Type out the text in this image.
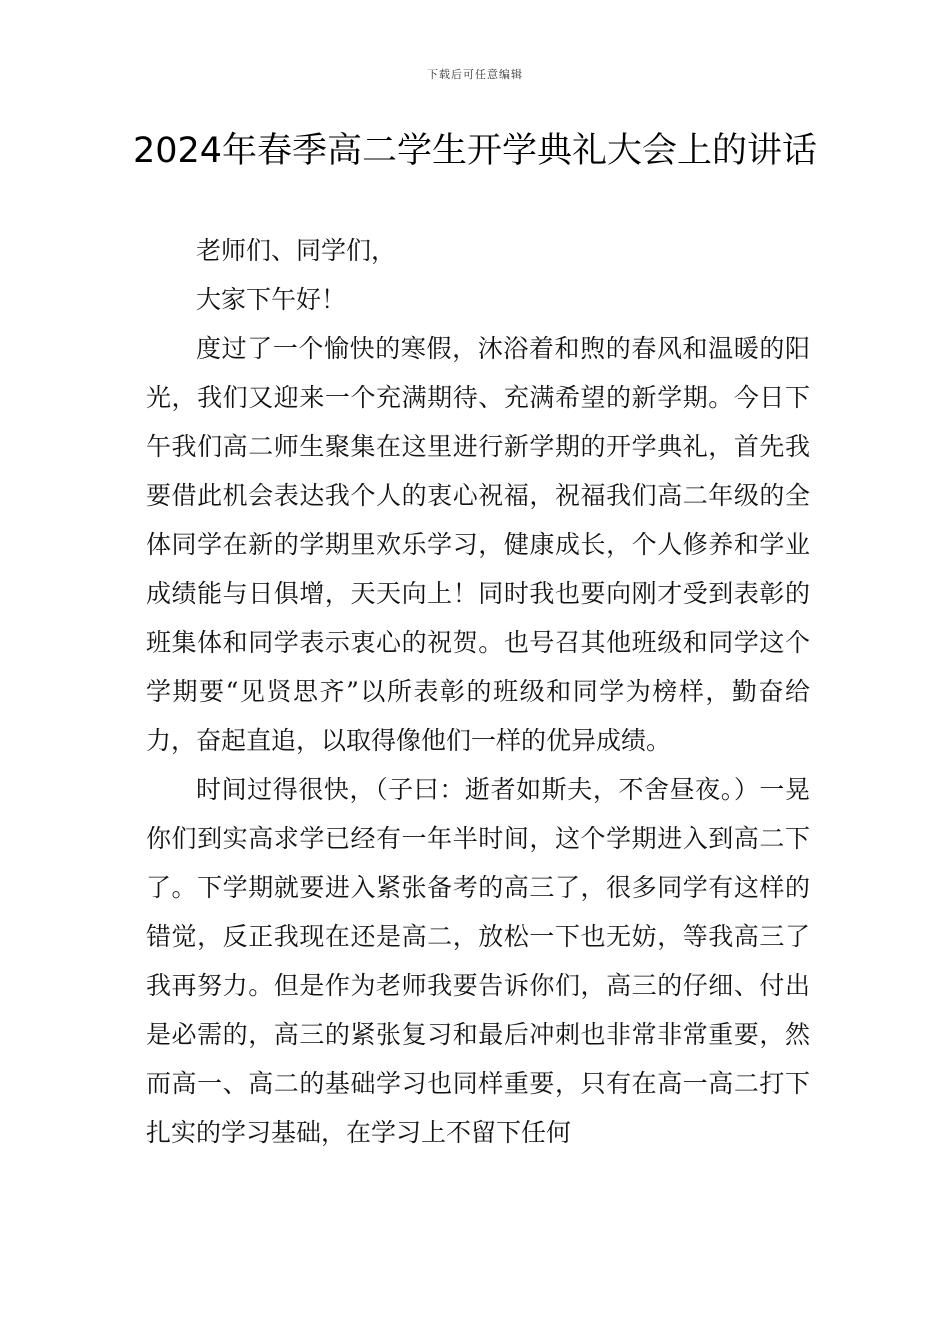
下载后可任意编辑
2024年春季高二学生开学典礼大会上的讲话

老师们、同学们，

大家下午好！

度过了一个愉快的寒假，沐浴着和煦的春风和温暖的阳光，我们又迎来一个充满期待、充满希望的新学期。今日下午我们高二师生聚集在这里进行新学期的开学典礼，首先我要借此机会表达我个人的衷心祝福，祝福我们高二年级的全体同学在新的学期里欢乐学习，健康成长，个人修养和学业成绩能与日俱增，天天向上！同时我也要向刚才受到表彰的班集体和同学表示衷心的祝贺。也号召其他班级和同学这个学期要“见贤思齐”以所表彰的班级和同学为榜样，勤奋给力，奋起直追，以取得像他们一样的优异成绩。

时间过得很快，（子曰：逝者如斯夫，不舍昼夜。）一晃你们到实高求学已经有一年半时间，这个学期进入到高二下了。下学期就要进入紧张备考的高三了，很多同学有这样的错觉，反正我现在还是高二，放松一下也无妨，等我高三了我再努力。但是作为老师我要告诉你们，高三的仔细、付出是必需的，高三的紧张复习和最后冲刺也非常非常重要，然而高一、高二的基础学习也同样重要，只有在高一高二打下扎实的学习基础，在学习上不留下任何
